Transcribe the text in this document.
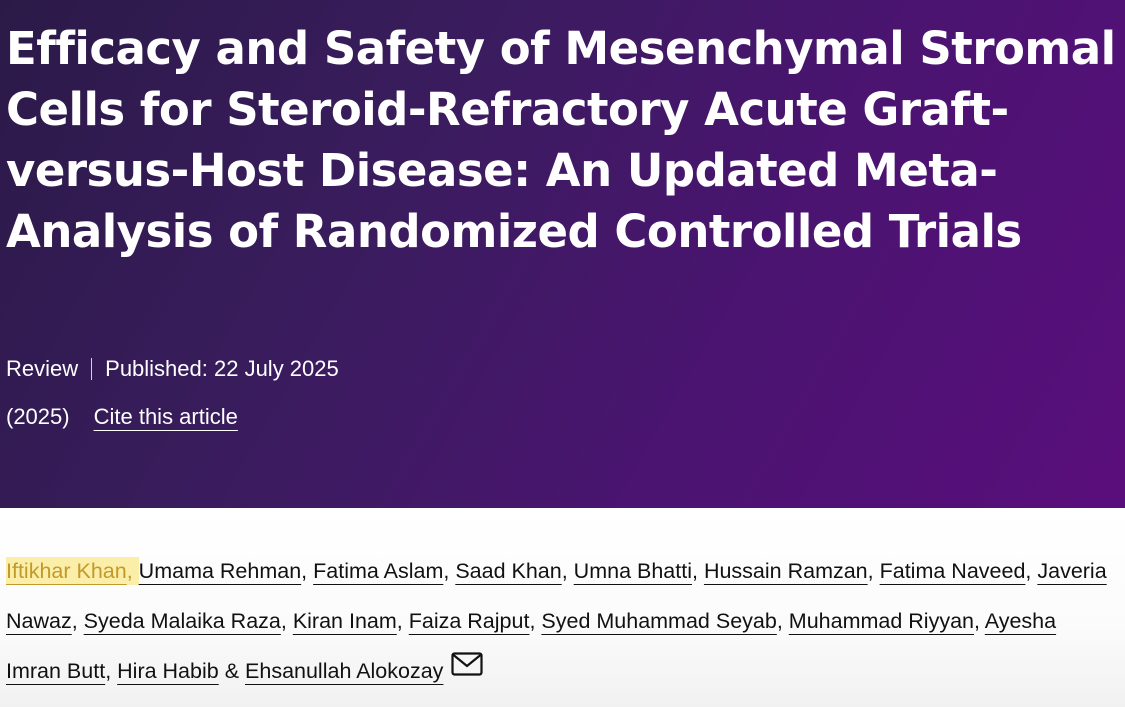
Efficacy and Safety of Mesenchymal Stromal Cells for Steroid-Refractory Acute Graft-versus-Host Disease: An Updated Meta-Analysis of Randomized Controlled Trials
Review Published: 22 July 2025
(2025) Cite this article
Iftikhar Khan, Umama Rehman, Fatima Aslam, Saad Khan, Umna Bhatti, Hussain Ramzan, Fatima Naveed, Javeria Nawaz, Syeda Malaika Raza, Kiran Inam, Faiza Rajput, Syed Muhammad Seyab, Muhammad Riyyan, Ayesha Imran Butt, Hira Habib & Ehsanullah Alokozay
